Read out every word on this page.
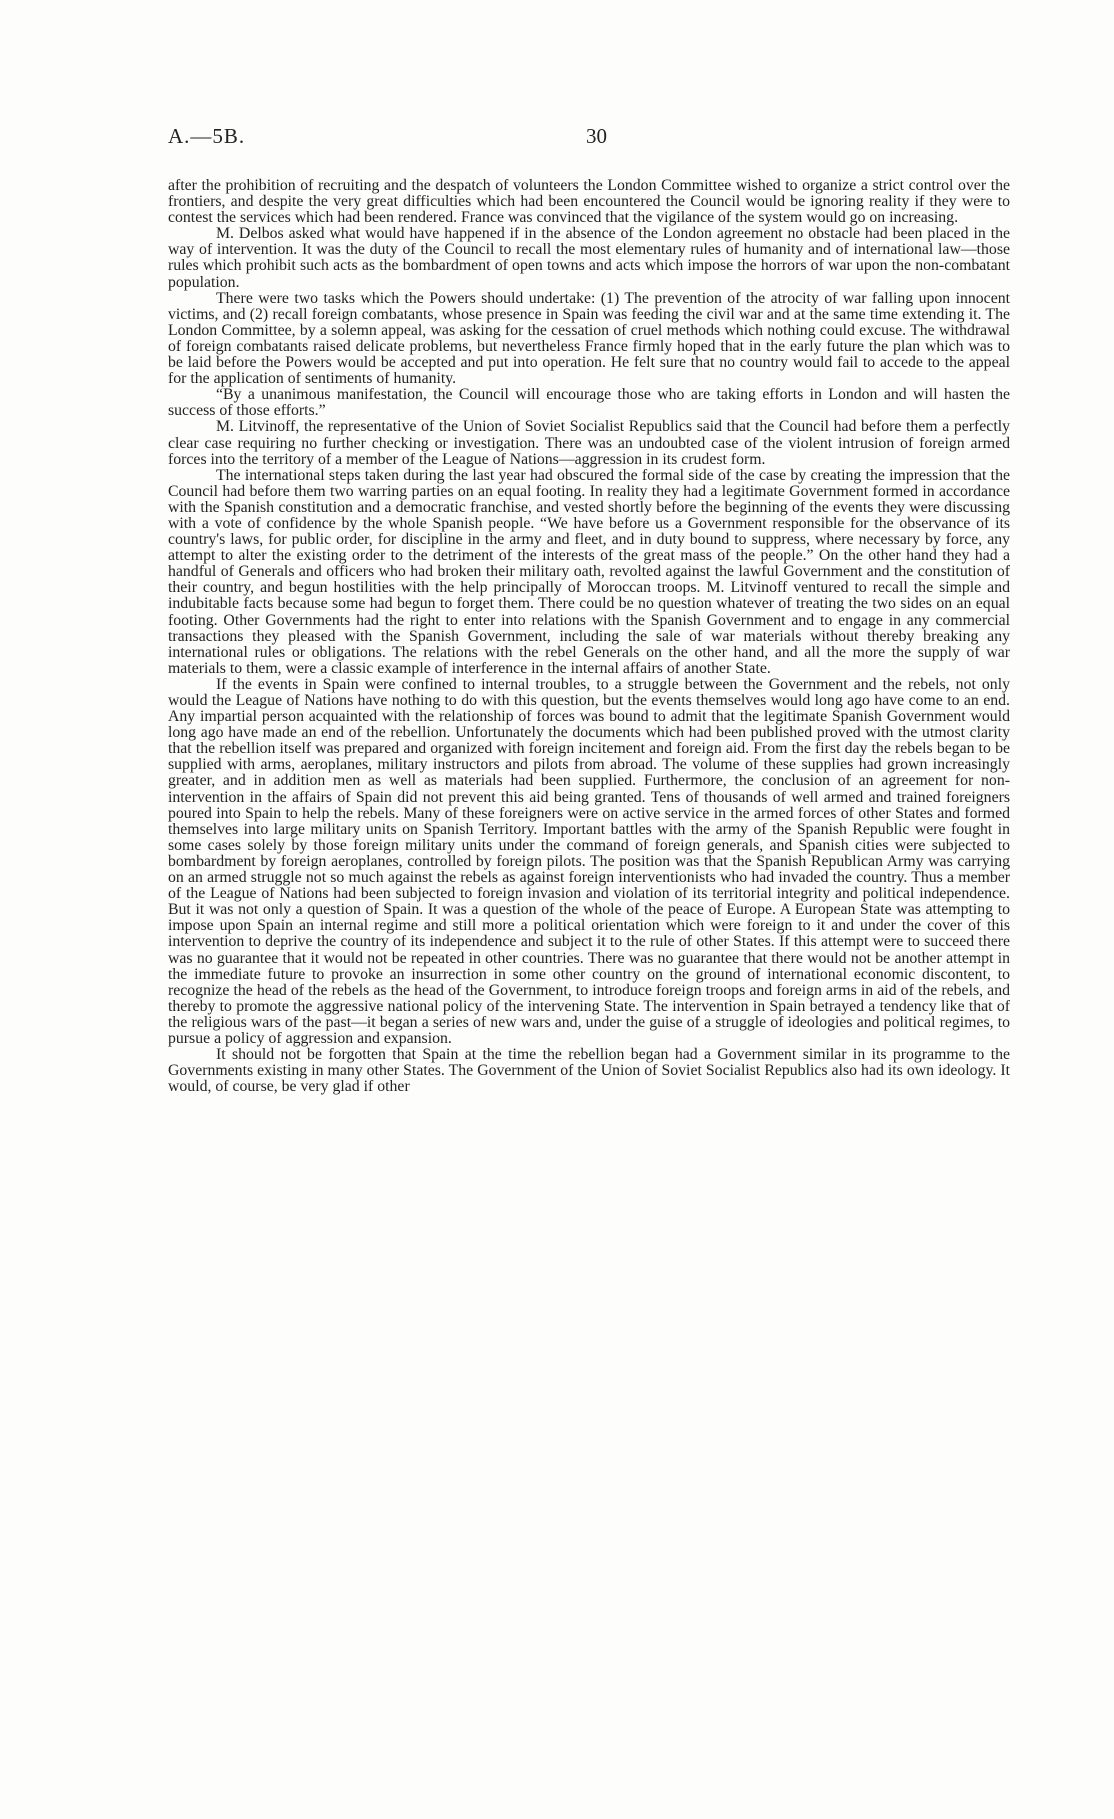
A.—5B.	30

after the prohibition of recruiting and the despatch of volunteers the London Committee wished to organize a strict control over the frontiers, and despite the very great difficulties which had been encountered the Council would be ignoring reality if they were to contest the services which had been rendered. France was convinced that the vigilance of the system would go on increasing.

M. Delbos asked what would have happened if in the absence of the London agreement no obstacle had been placed in the way of intervention. It was the duty of the Council to recall the most elementary rules of humanity and of international law—those rules which prohibit such acts as the bombardment of open towns and acts which impose the horrors of war upon the non-combatant population.

There were two tasks which the Powers should undertake: (1) The prevention of the atrocity of war falling upon innocent victims, and (2) recall foreign combatants, whose presence in Spain was feeding the civil war and at the same time extending it. The London Committee, by a solemn appeal, was asking for the cessation of cruel methods which nothing could excuse. The withdrawal of foreign combatants raised delicate problems, but nevertheless France firmly hoped that in the early future the plan which was to be laid before the Powers would be accepted and put into operation. He felt sure that no country would fail to accede to the appeal for the application of sentiments of humanity.

“By a unanimous manifestation, the Council will encourage those who are taking efforts in London and will hasten the success of those efforts.”

M. Litvinoff, the representative of the Union of Soviet Socialist Republics said that the Council had before them a perfectly clear case requiring no further checking or investigation. There was an undoubted case of the violent intrusion of foreign armed forces into the territory of a member of the League of Nations—aggression in its crudest form.

The international steps taken during the last year had obscured the formal side of the case by creating the impression that the Council had before them two warring parties on an equal footing. In reality they had a legitimate Government formed in accordance with the Spanish constitution and a democratic franchise, and vested shortly before the beginning of the events they were discussing with a vote of confidence by the whole Spanish people. “We have before us a Government responsible for the observance of its country's laws, for public order, for discipline in the army and fleet, and in duty bound to suppress, where necessary by force, any attempt to alter the existing order to the detriment of the interests of the great mass of the people.” On the other hand they had a handful of Generals and officers who had broken their military oath, revolted against the lawful Government and the constitution of their country, and begun hostilities with the help principally of Moroccan troops. M. Litvinoff ventured to recall the simple and indubitable facts because some had begun to forget them. There could be no question whatever of treating the two sides on an equal footing. Other Governments had the right to enter into relations with the Spanish Government and to engage in any commercial transactions they pleased with the Spanish Government, including the sale of war materials without thereby breaking any international rules or obligations. The relations with the rebel Generals on the other hand, and all the more the supply of war materials to them, were a classic example of interference in the internal affairs of another State.

If the events in Spain were confined to internal troubles, to a struggle between the Government and the rebels, not only would the League of Nations have nothing to do with this question, but the events themselves would long ago have come to an end. Any impartial person acquainted with the relationship of forces was bound to admit that the legitimate Spanish Government would long ago have made an end of the rebellion. Unfortunately the documents which had been published proved with the utmost clarity that the rebellion itself was prepared and organized with foreign incitement and foreign aid. From the first day the rebels began to be supplied with arms, aeroplanes, military instructors and pilots from abroad. The volume of these supplies had grown increasingly greater, and in addition men as well as materials had been supplied. Furthermore, the conclusion of an agreement for non-intervention in the affairs of Spain did not prevent this aid being granted. Tens of thousands of well armed and trained foreigners poured into Spain to help the rebels. Many of these foreigners were on active service in the armed forces of other States and formed themselves into large military units on Spanish Territory. Important battles with the army of the Spanish Republic were fought in some cases solely by those foreign military units under the command of foreign generals, and Spanish cities were subjected to bombardment by foreign aeroplanes, controlled by foreign pilots. The position was that the Spanish Republican Army was carrying on an armed struggle not so much against the rebels as against foreign interventionists who had invaded the country. Thus a member of the League of Nations had been subjected to foreign invasion and violation of its territorial integrity and political independence. But it was not only a question of Spain. It was a question of the whole of the peace of Europe. A European State was attempting to impose upon Spain an internal regime and still more a political orientation which were foreign to it and under the cover of this intervention to deprive the country of its independence and subject it to the rule of other States. If this attempt were to succeed there was no guarantee that it would not be repeated in other countries. There was no guarantee that there would not be another attempt in the immediate future to provoke an insurrection in some other country on the ground of international economic discontent, to recognize the head of the rebels as the head of the Government, to introduce foreign troops and foreign arms in aid of the rebels, and thereby to promote the aggressive national policy of the intervening State. The intervention in Spain betrayed a tendency like that of the religious wars of the past—it began a series of new wars and, under the guise of a struggle of ideologies and political regimes, to pursue a policy of aggression and expansion.

It should not be forgotten that Spain at the time the rebellion began had a Government similar in its programme to the Governments existing in many other States. The Government of the Union of Soviet Socialist Republics also had its own ideology. It would, of course, be very glad if other
